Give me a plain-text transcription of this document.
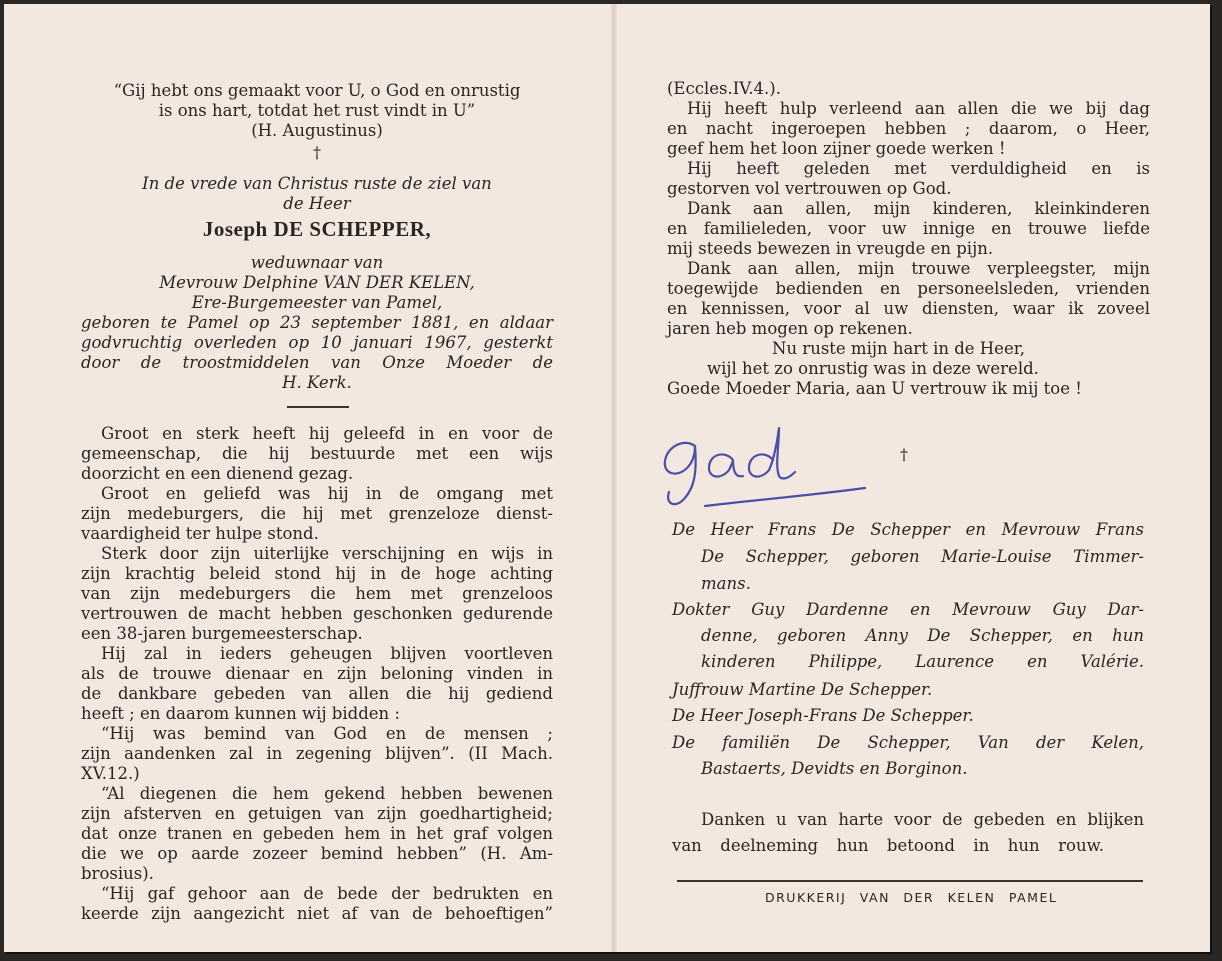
“Gij hebt ons gemaakt voor U, o God en onrustig
is ons hart, totdat het rust vindt in U”
(H. Augustinus)
†
In de vrede van Christus ruste de ziel van
de Heer
Joseph DE SCHEPPER,
weduwnaar van
Mevrouw Delphine VAN DER KELEN,
Ere-Burgemeester van Pamel,
geboren te Pamel op 23 september 1881, en aldaar
godvruchtig overleden op 10 januari 1967, gesterkt
door de troostmiddelen van Onze Moeder de
H. Kerk.
Groot en sterk heeft hij geleefd in en voor de
gemeenschap, die hij bestuurde met een wijs
doorzicht en een dienend gezag.
Groot en geliefd was hij in de omgang met
zijn medeburgers, die hij met grenzeloze dienst-
vaardigheid ter hulpe stond.
Sterk door zijn uiterlijke verschijning en wijs in
zijn krachtig beleid stond hij in de hoge achting
van zijn medeburgers die hem met grenzeloos
vertrouwen de macht hebben geschonken gedurende
een 38-jaren burgemeesterschap.
Hij zal in ieders geheugen blijven voortleven
als de trouwe dienaar en zijn beloning vinden in
de dankbare gebeden van allen die hij gediend
heeft ; en daarom kunnen wij bidden :
“Hij was bemind van God en de mensen ;
zijn aandenken zal in zegening blijven”. (II Mach.
XV.12.)
“Al diegenen die hem gekend hebben bewenen
zijn afsterven en getuigen van zijn goedhartigheid;
dat onze tranen en gebeden hem in het graf volgen
die we op aarde zozeer bemind hebben” (H. Am-
brosius).
“Hij gaf gehoor aan de bede der bedrukten en
keerde zijn aangezicht niet af van de behoeftigen”
(Eccles.IV.4.).
Hij heeft hulp verleend aan allen die we bij dag
en nacht ingeroepen hebben ; daarom, o Heer,
geef hem het loon zijner goede werken !
Hij heeft geleden met verduldigheid en is
gestorven vol vertrouwen op God.
Dank aan allen, mijn kinderen, kleinkinderen
en familieleden, voor uw innige en trouwe liefde
mij steeds bewezen in vreugde en pijn.
Dank aan allen, mijn trouwe verpleegster, mijn
toegewijde bedienden en personeelsleden, vrienden
en kennissen, voor al uw diensten, waar ik zoveel
jaren heb mogen op rekenen.
Nu ruste mijn hart in de Heer,
wijl het zo onrustig was in deze wereld.
Goede Moeder Maria, aan U vertrouw ik mij toe !
†
De Heer Frans De Schepper en Mevrouw Frans
De Schepper, geboren Marie-Louise Timmer-
mans.
Dokter Guy Dardenne en Mevrouw Guy Dar-
denne, geboren Anny De Schepper, en hun
kinderen Philippe, Laurence en Valérie.
Juffrouw Martine De Schepper.
De Heer Joseph-Frans De Schepper.
De familiën De Schepper, Van der Kelen,
Bastaerts, Devidts en Borginon.
Danken u van harte voor de gebeden en blijken
van deelneming hun betoond in hun rouw.
DRUKKERIJ VAN DER KELEN PAMEL
